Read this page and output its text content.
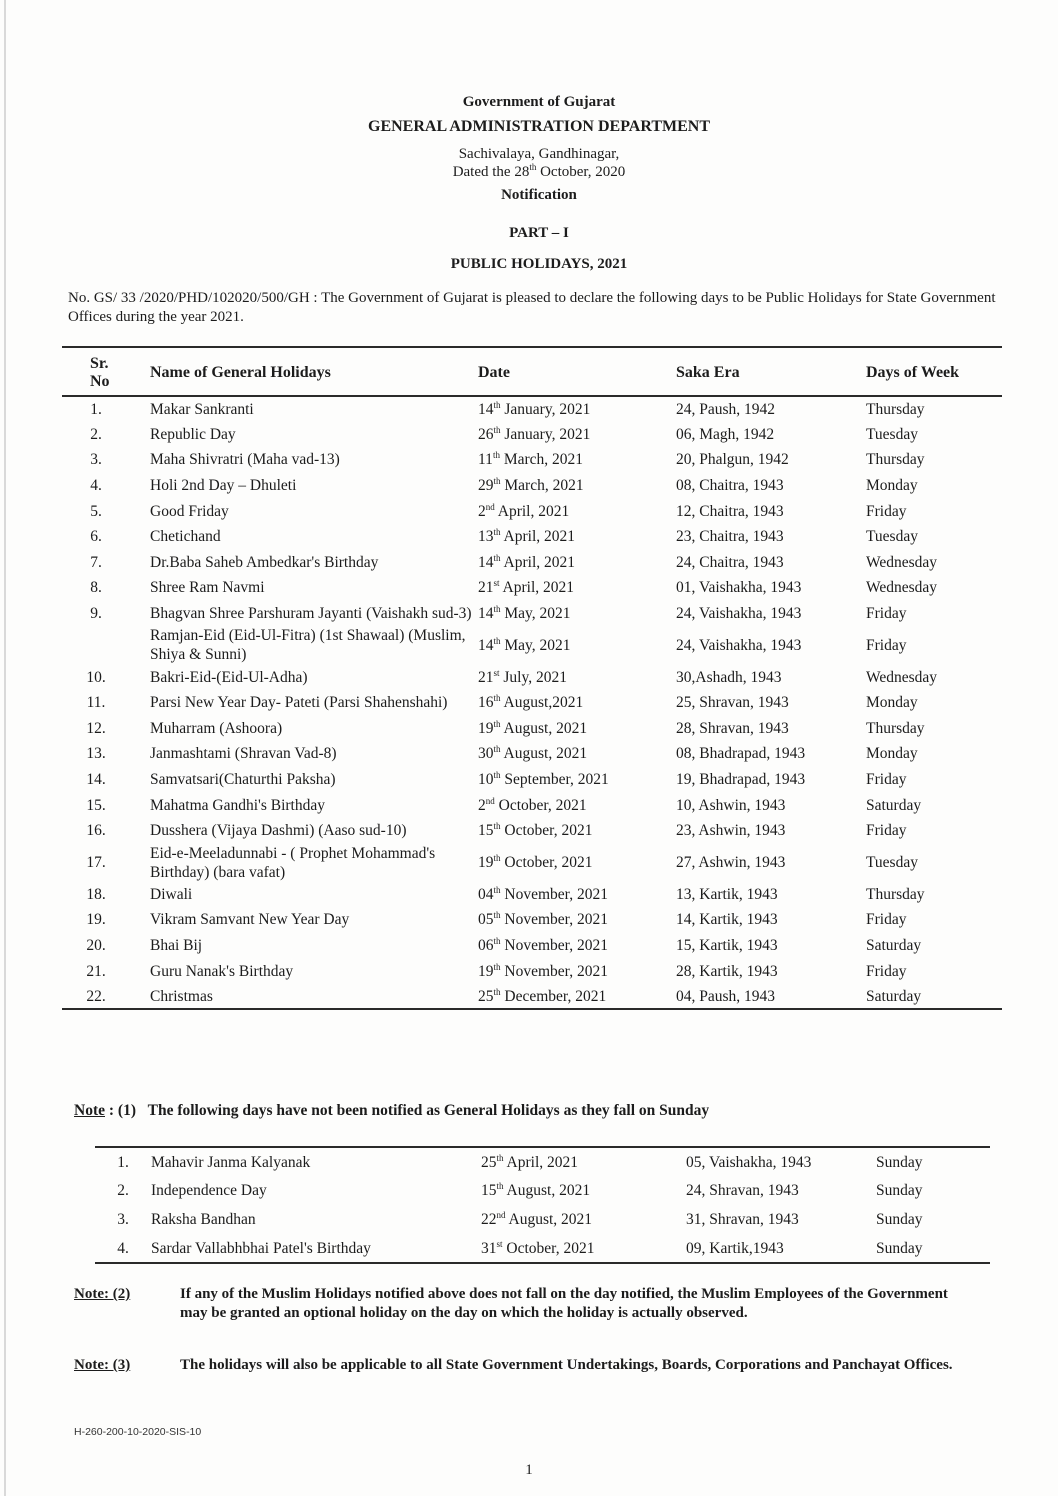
Government of Gujarat
GENERAL ADMINISTRATION DEPARTMENT
Sachivalaya, Gandhinagar,
Dated the 28th October, 2020
Notification
PART – I
PUBLIC HOLIDAYS, 2021
No. GS/ 33 /2020/PHD/102020/500/GH : The Government of Gujarat is pleased to declare the following days to be Public Holidays for State Government Offices during the year 2021.
Sr. No	Name of General Holidays	Date	Saka Era	Days of Week
1.	Makar Sankranti	14th January, 2021	24, Paush, 1942	Thursday
2.	Republic Day	26th January, 2021	06, Magh, 1942	Tuesday
3.	Maha Shivratri (Maha vad-13)	11th March, 2021	20, Phalgun, 1942	Thursday
4.	Holi 2nd Day – Dhuleti	29th March, 2021	08, Chaitra, 1943	Monday
5.	Good Friday	2nd April, 2021	12, Chaitra, 1943	Friday
6.	Chetichand	13th April, 2021	23, Chaitra, 1943	Tuesday
7.	Dr.Baba Saheb Ambedkar's Birthday	14th April, 2021	24, Chaitra, 1943	Wednesday
8.	Shree Ram Navmi	21st April, 2021	01, Vaishakha, 1943	Wednesday
9.	Bhagvan Shree Parshuram Jayanti (Vaishakh sud-3)	14th May, 2021	24, Vaishakha, 1943	Friday
	Ramjan-Eid (Eid-Ul-Fitra) (1st Shawaal) (Muslim, Shiya & Sunni)	14th May, 2021	24, Vaishakha, 1943	Friday
10.	Bakri-Eid-(Eid-Ul-Adha)	21st July, 2021	30,Ashadh, 1943	Wednesday
11.	Parsi New Year Day- Pateti (Parsi Shahenshahi)	16th August,2021	25, Shravan, 1943	Monday
12.	Muharram (Ashoora)	19th August, 2021	28, Shravan, 1943	Thursday
13.	Janmashtami (Shravan Vad-8)	30th August, 2021	08, Bhadrapad, 1943	Monday
14.	Samvatsari(Chaturthi Paksha)	10th September, 2021	19, Bhadrapad, 1943	Friday
15.	Mahatma Gandhi's Birthday	2nd October, 2021	10, Ashwin, 1943	Saturday
16.	Dusshera (Vijaya Dashmi) (Aaso sud-10)	15th October, 2021	23, Ashwin, 1943	Friday
17.	Eid-e-Meeladunnabi - ( Prophet Mohammad's Birthday) (bara vafat)	19th October, 2021	27, Ashwin, 1943	Tuesday
18.	Diwali	04th November, 2021	13, Kartik, 1943	Thursday
19.	Vikram Samvant New Year Day	05th November, 2021	14, Kartik, 1943	Friday
20.	Bhai Bij	06th November, 2021	15, Kartik, 1943	Saturday
21.	Guru Nanak's Birthday	19th November, 2021	28, Kartik, 1943	Friday
22.	Christmas	25th December, 2021	04, Paush, 1943	Saturday
Note : (1) The following days have not been notified as General Holidays as they fall on Sunday
1.	Mahavir Janma Kalyanak	25th April, 2021	05, Vaishakha, 1943	Sunday
2.	Independence Day	15th August, 2021	24, Shravan, 1943	Sunday
3.	Raksha Bandhan	22nd August, 2021	31, Shravan, 1943	Sunday
4.	Sardar Vallabhbhai Patel's Birthday	31st October, 2021	09, Kartik,1943	Sunday
Note: (2)	If any of the Muslim Holidays notified above does not fall on the day notified, the Muslim Employees of the Government may be granted an optional holiday on the day on which the holiday is actually observed.
Note: (3)	The holidays will also be applicable to all State Government Undertakings, Boards, Corporations and Panchayat Offices.
H-260-200-10-2020-SIS-10
1
